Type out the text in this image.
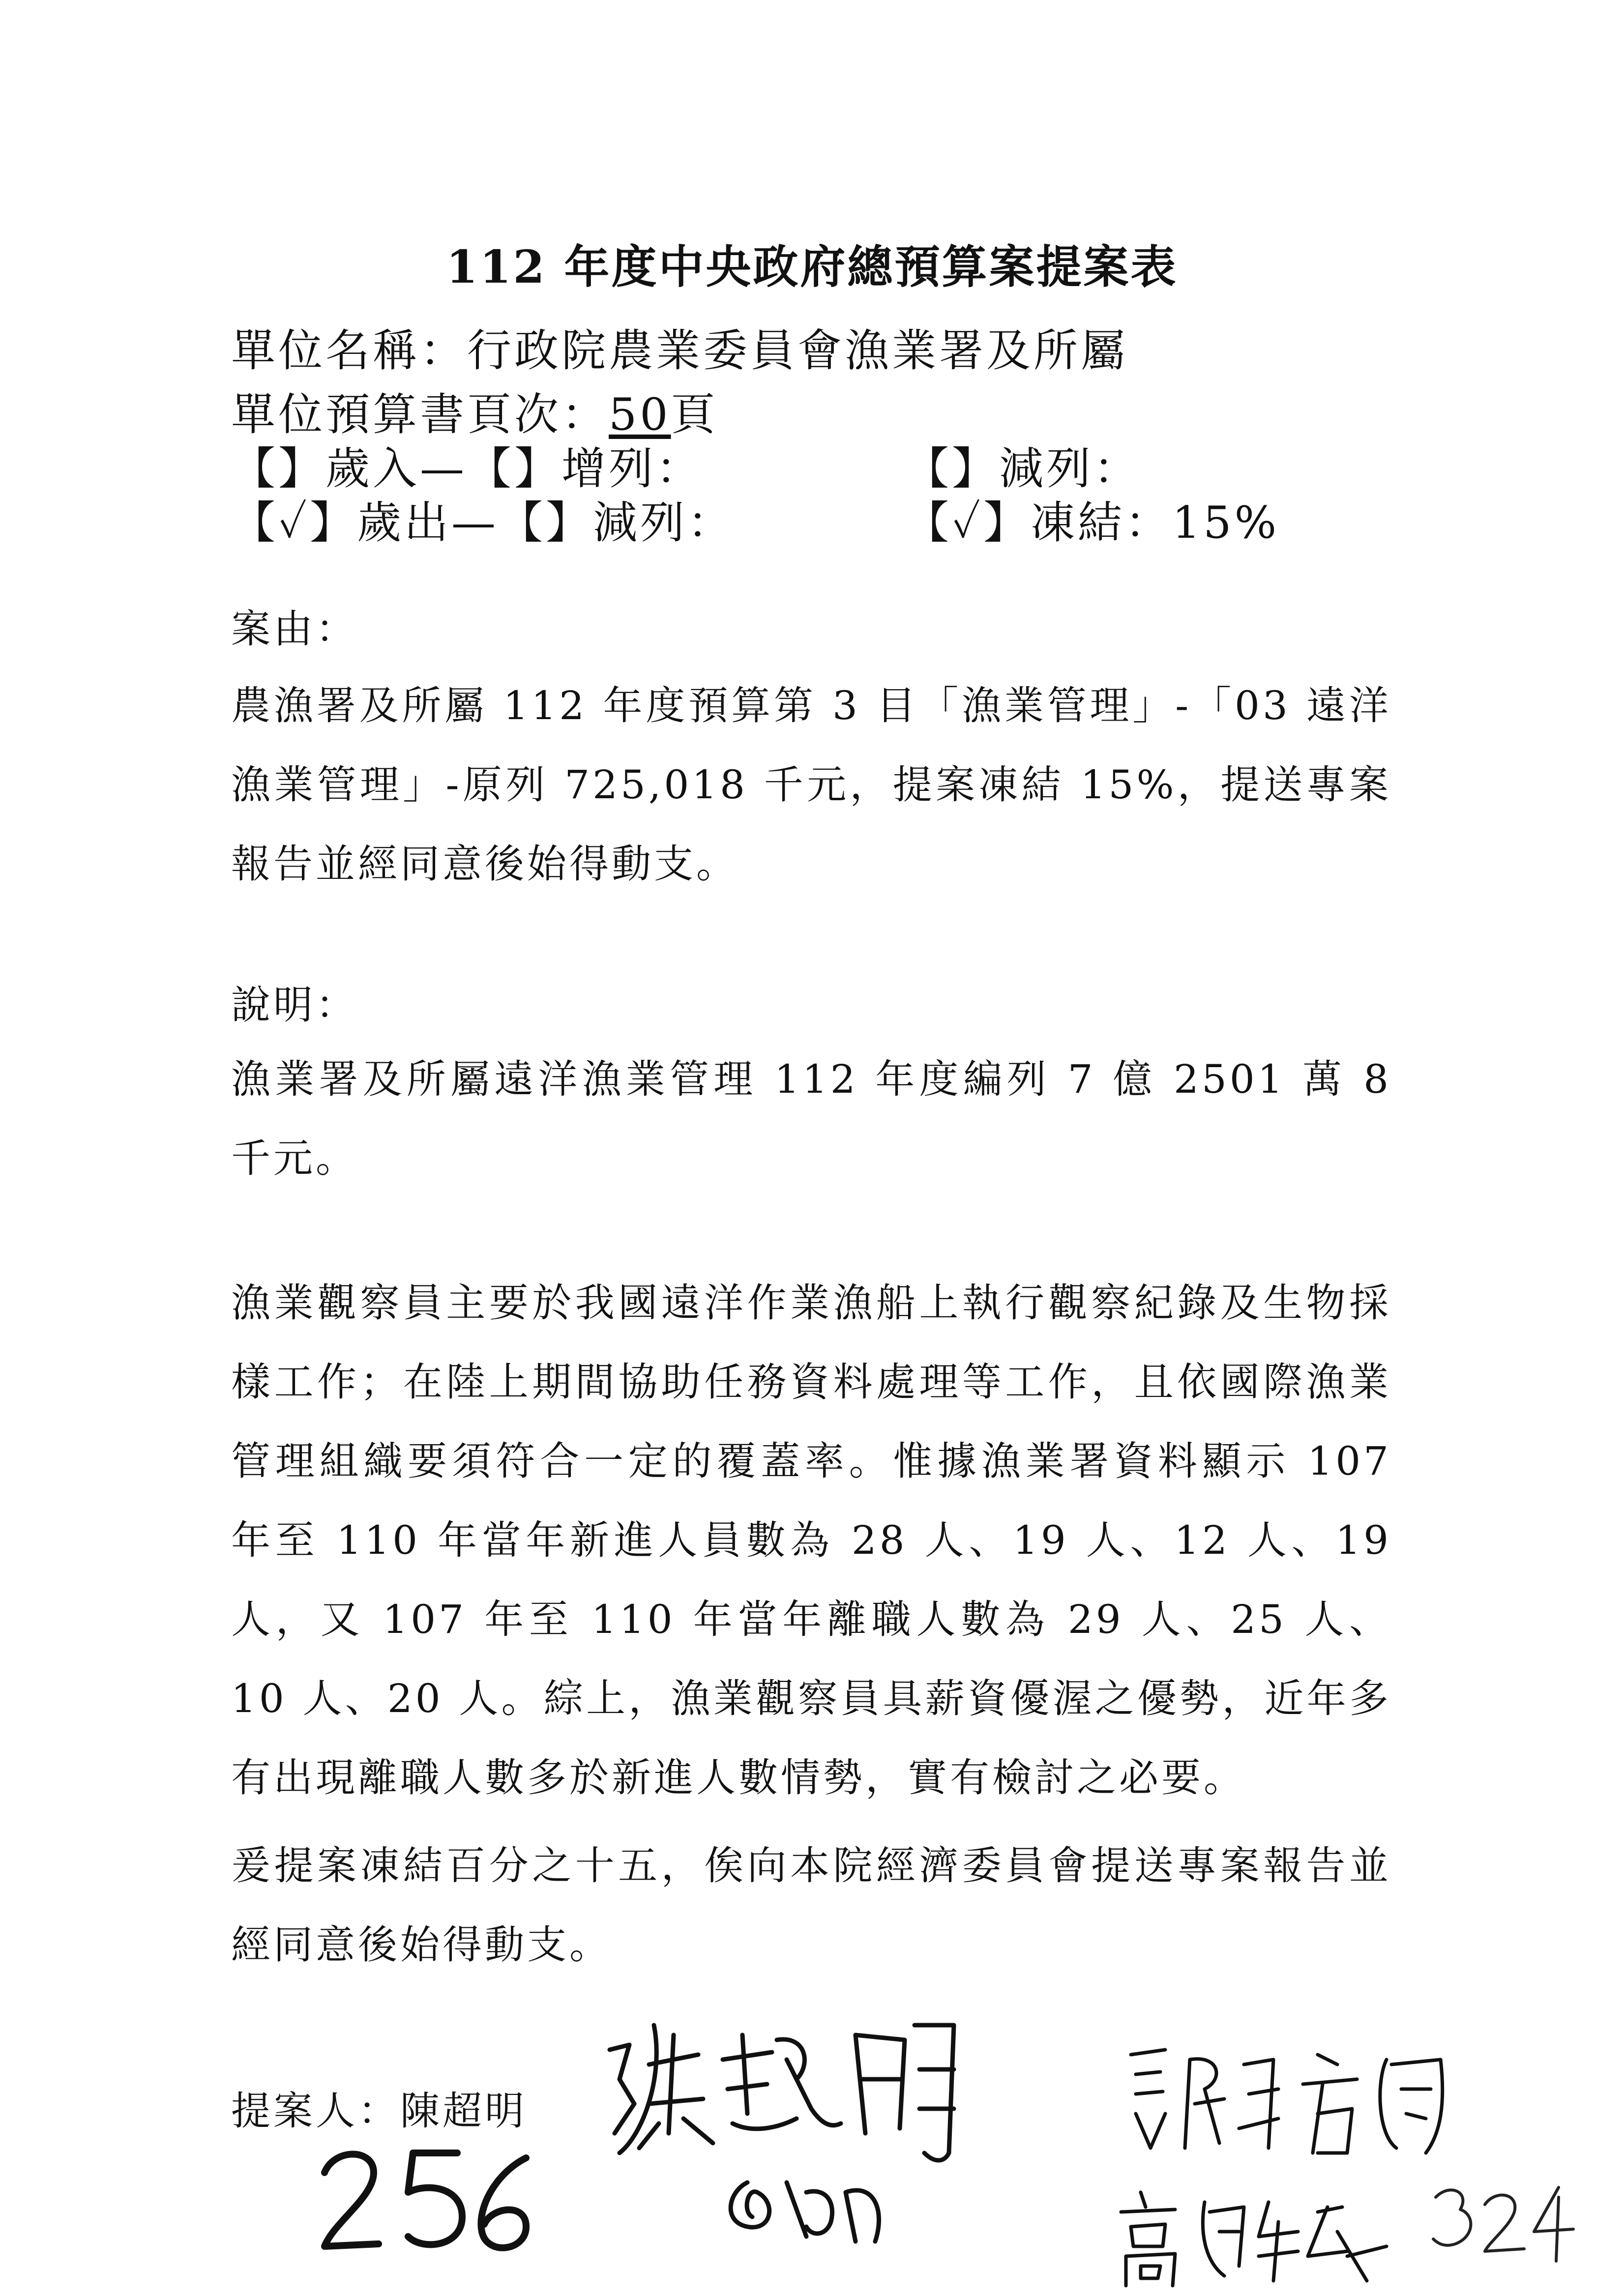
112 年度中央政府總預算案提案表
單位名稱：行政院農業委員會漁業署及所屬
單位預算書頁次：50頁
【】歲入—【】增列：	【】減列：
【✓】歲出—【】減列：	【✓】凍結：15%
案由：
農漁署及所屬 112 年度預算第 3 目「漁業管理」-「03 遠洋漁業管理」-原列 725,018 千元，提案凍結 15%，提送專案報告並經同意後始得動支。
說明：
漁業署及所屬遠洋漁業管理 112 年度編列 7 億 2501 萬 8 千元。
漁業觀察員主要於我國遠洋作業漁船上執行觀察紀錄及生物採樣工作；在陸上期間協助任務資料處理等工作，且依國際漁業管理組織要須符合一定的覆蓋率。惟據漁業署資料顯示 107 年至 110 年當年新進人員數為 28 人、19 人、12 人、19 人，又 107 年至 110 年當年離職人數為 29 人、25 人、10 人、20 人。綜上，漁業觀察員具薪資優渥之優勢，近年多有出現離職人數多於新進人數情勢，實有檢討之必要。
爰提案凍結百分之十五，俟向本院經濟委員會提送專案報告並經同意後始得動支。
提案人：陳超明
